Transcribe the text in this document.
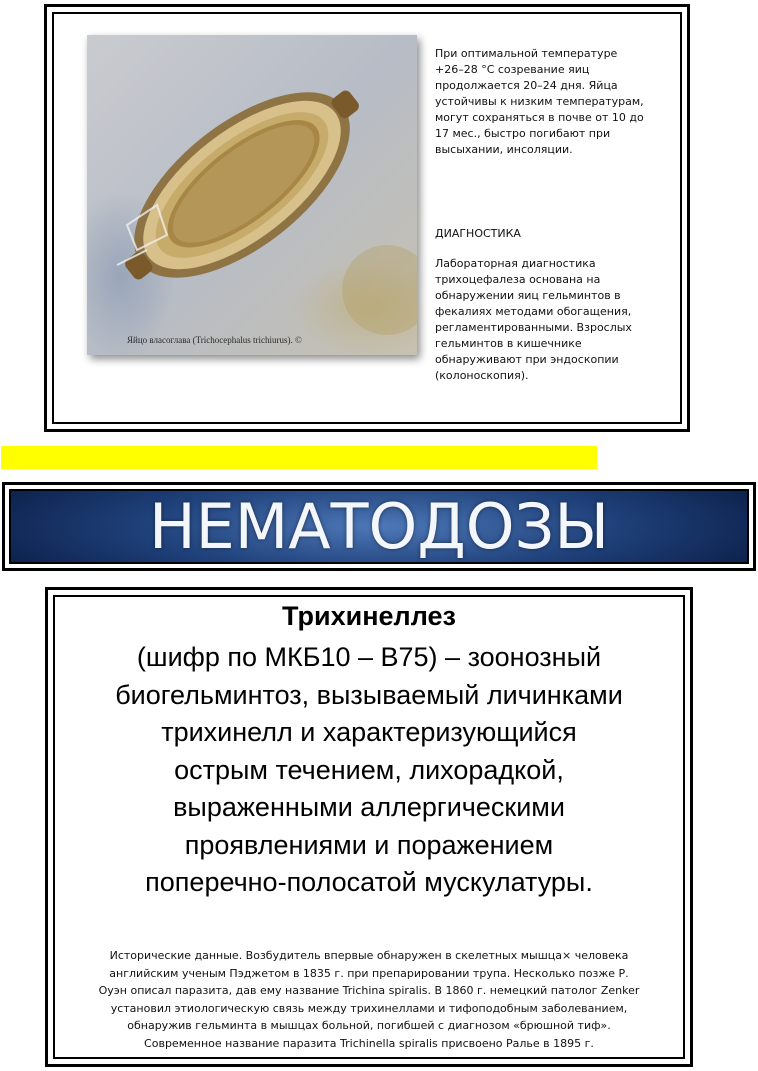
Яйцо власоглава (Trichocephalus trichiurus). ©
При оптимальной температуре
+26–28 °С созревание яиц
продолжается 20–24 дня. Яйца
устойчивы к низким температурам,
могут сохраняться в почве от 10 до
17 мес., быстро погибают при
высыхании, инсоляции.
ДИАГНОСТИКА
Лабораторная диагностика
трихоцефалеза основана на
обнаружении яиц гельминтов в
фекалиях методами обогащения,
регламентированными. Взрослых
гельминтов в кишечнике
обнаруживают при эндоскопии
(колоноскопия).
НЕМАТОДОЗЫ
Трихинеллез
(шифр по МКБ10 – В75) – зоонозный
биогельминтоз, вызываемый личинками
трихинелл и характеризующийся
острым течением, лихорадкой,
выраженными аллергическими
проявлениями и поражением
поперечно-полосатой мускулатуры.
Исторические данные. Возбудитель впервые обнаружен в скелетных мышца× человека
английским ученым Пэджетом в 1835 г. при препарировании трупа. Несколько позже Р.
Оуэн описал паразита, дав ему название Trichina spiralis. В 1860 г. немецкий патолог Zenker
установил этиологическую связь между трихинеллами и тифоподобным заболеванием,
обнаружив гельминта в мышцах больной, погибшей с диагнозом «брюшной тиф».
Современное название паразита Trichinella spiralis присвоено Ралье в 1895 г.
